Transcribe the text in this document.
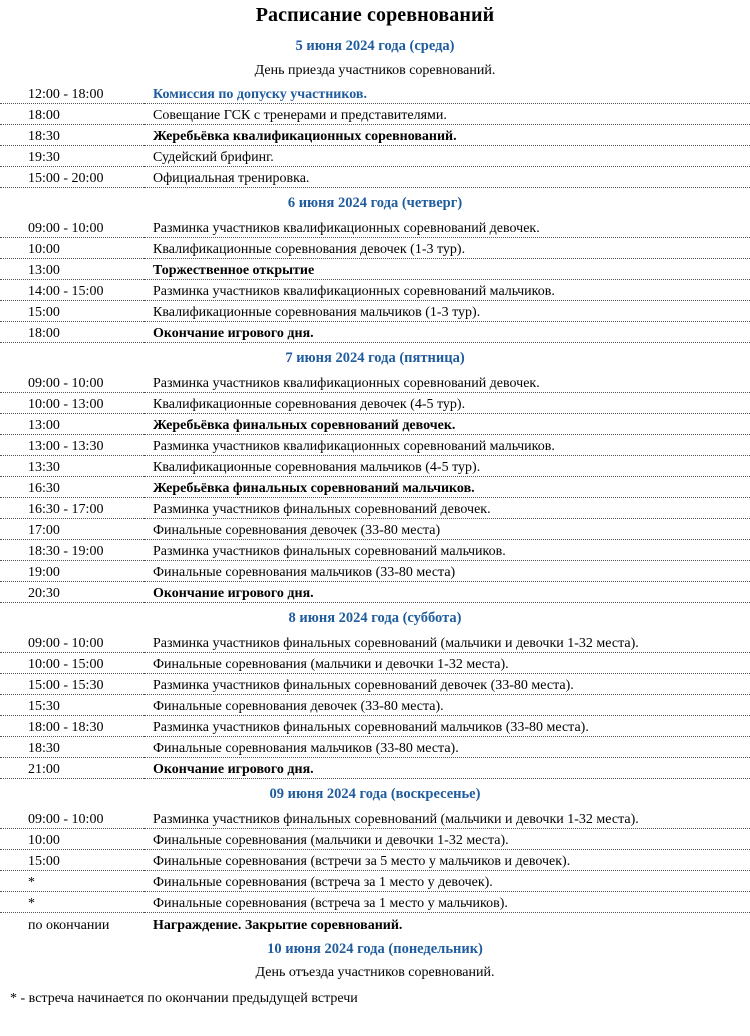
Расписание соревнований
5 июня 2024 года (среда)
День приезда участников соревнований.
12:00 - 18:00	Комиссия по допуску участников.
18:00	Совещание ГСК с тренерами и представителями.
18:30	Жеребьёвка квалификационных соревнований.
19:30	Судейский брифинг.
15:00 - 20:00	Официальная тренировка.
6 июня 2024 года (четверг)
09:00 - 10:00	Разминка участников квалификационных соревнований девочек.
10:00	Квалификационные соревнования девочек (1-3 тур).
13:00	Торжественное открытие
14:00 - 15:00	Разминка участников квалификационных соревнований мальчиков.
15:00	Квалификационные соревнования мальчиков (1-3 тур).
18:00	Окончание игрового дня.
7 июня 2024 года (пятница)
09:00 - 10:00	Разминка участников квалификационных соревнований девочек.
10:00 - 13:00	Квалификационные соревнования девочек (4-5 тур).
13:00	Жеребьёвка финальных соревнований девочек.
13:00 - 13:30	Разминка участников квалификационных соревнований мальчиков.
13:30	Квалификационные соревнования мальчиков (4-5 тур).
16:30	Жеребьёвка финальных соревнований мальчиков.
16:30 - 17:00	Разминка участников финальных соревнований девочек.
17:00	Финальные соревнования девочек (33-80 места)
18:30 - 19:00	Разминка участников финальных соревнований мальчиков.
19:00	Финальные соревнования мальчиков (33-80 места)
20:30	Окончание игрового дня.
8 июня 2024 года (суббота)
09:00 - 10:00	Разминка участников финальных соревнований (мальчики и девочки 1-32 места).
10:00 - 15:00	Финальные соревнования (мальчики и девочки 1-32 места).
15:00 - 15:30	Разминка участников финальных соревнований девочек (33-80 места).
15:30	Финальные соревнования девочек (33-80 места).
18:00 - 18:30	Разминка участников финальных соревнований мальчиков (33-80 места).
18:30	Финальные соревнования мальчиков (33-80 места).
21:00	Окончание игрового дня.
09 июня 2024 года (воскресенье)
09:00 - 10:00	Разминка участников финальных соревнований (мальчики и девочки 1-32 места).
10:00	Финальные соревнования (мальчики и девочки 1-32 места).
15:00	Финальные соревнования (встречи за 5 место у мальчиков и девочек).
*	Финальные соревнования (встреча за 1 место у девочек).
*	Финальные соревнования (встреча за 1 место у мальчиков).
по окончании	Награждение. Закрытие соревнований.
10 июня 2024 года (понедельник)
День отъезда участников соревнований.

* - встреча начинается по окончании предыдущей встречи
